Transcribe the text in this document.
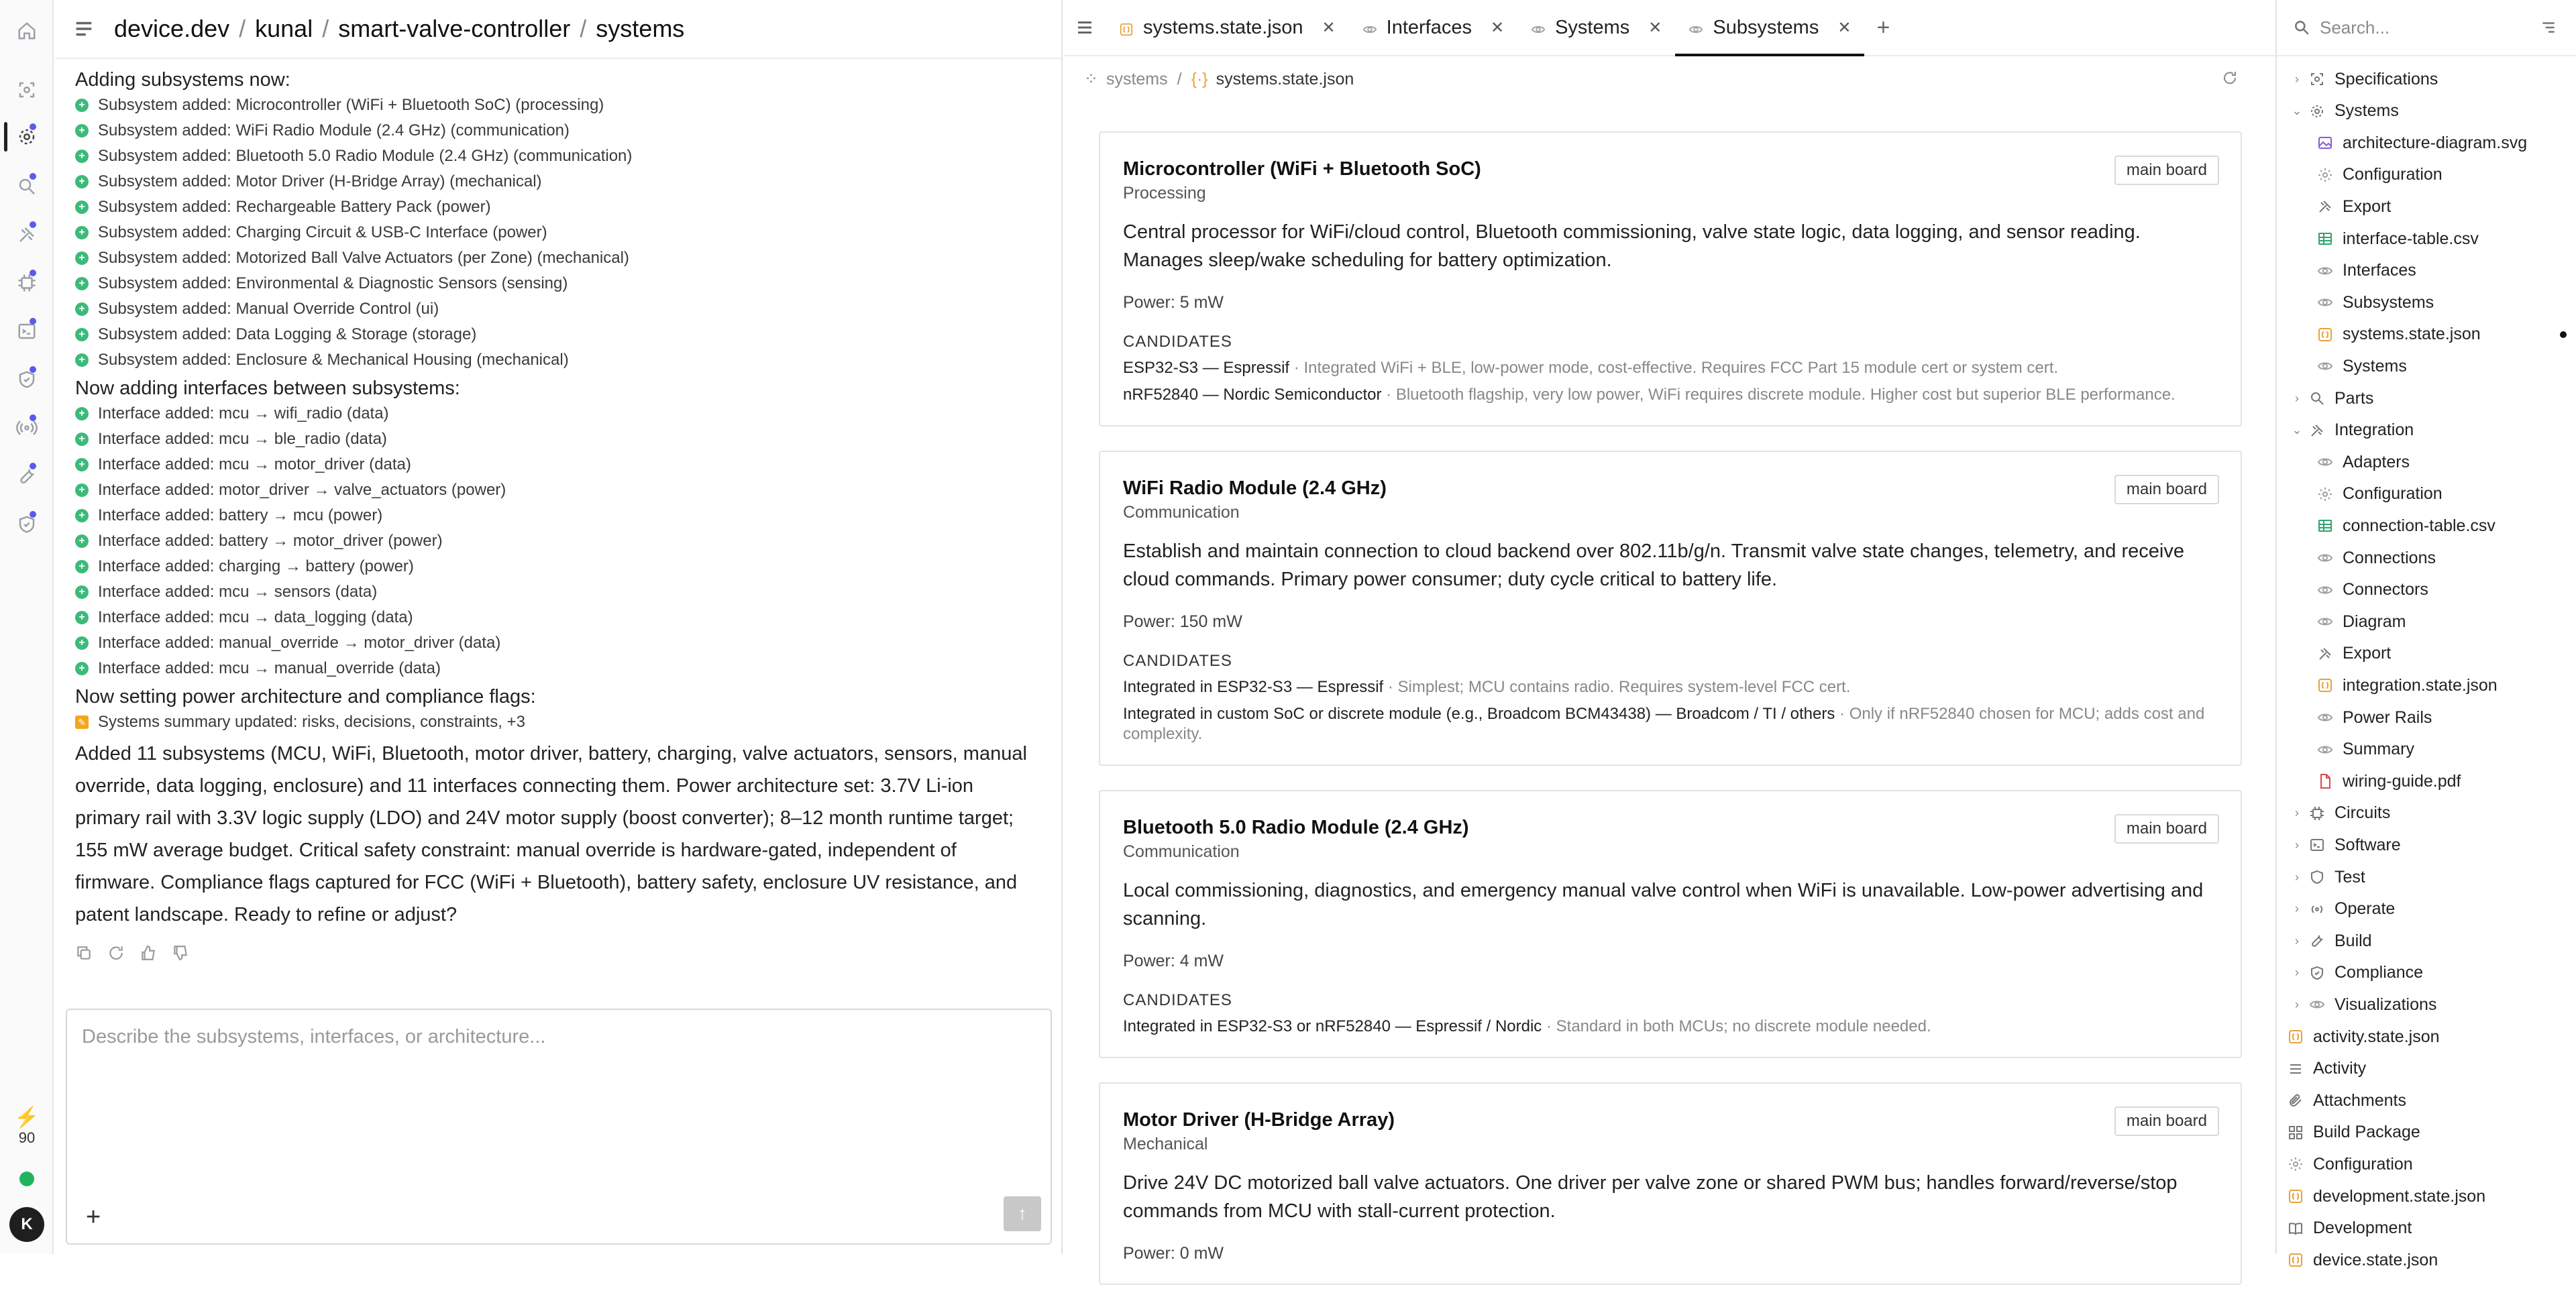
⚡
90
K
device.dev / kunal / smart-valve-controller / systems
Adding subsystems now:
+ Subsystem added: Microcontroller (WiFi + Bluetooth SoC) (processing)
+ Subsystem added: WiFi Radio Module (2.4 GHz) (communication)
+ Subsystem added: Bluetooth 5.0 Radio Module (2.4 GHz) (communication)
+ Subsystem added: Motor Driver (H-Bridge Array) (mechanical)
+ Subsystem added: Rechargeable Battery Pack (power)
+ Subsystem added: Charging Circuit & USB-C Interface (power)
+ Subsystem added: Motorized Ball Valve Actuators (per Zone) (mechanical)
+ Subsystem added: Environmental & Diagnostic Sensors (sensing)
+ Subsystem added: Manual Override Control (ui)
+ Subsystem added: Data Logging & Storage (storage)
+ Subsystem added: Enclosure & Mechanical Housing (mechanical)
Now adding interfaces between subsystems:
+ Interface added: mcu → wifi_radio (data)
+ Interface added: mcu → ble_radio (data)
+ Interface added: mcu → motor_driver (data)
+ Interface added: motor_driver → valve_actuators (power)
+ Interface added: battery → mcu (power)
+ Interface added: battery → motor_driver (power)
+ Interface added: charging → battery (power)
+ Interface added: mcu → sensors (data)
+ Interface added: mcu → data_logging (data)
+ Interface added: manual_override → motor_driver (data)
+ Interface added: mcu → manual_override (data)
Now setting power architecture and compliance flags:
✎ Systems summary updated: risks, decisions, constraints, +3
Added 11 subsystems (MCU, WiFi, Bluetooth, motor driver, battery, charging, valve actuators, sensors, manual override, data logging, enclosure) and 11 interfaces connecting them. Power architecture set: 3.7V Li-ion primary rail with 3.3V logic supply (LDO) and 24V motor supply (boost converter); 8–12 month runtime target; 155 mW average budget. Critical safety constraint: manual override is hardware-gated, independent of firmware. Compliance flags captured for FCC (WiFi + Bluetooth), battery safety, enclosure UV resistance, and patent landscape. Ready to refine or adjust?
Describe the subsystems, interfaces, or architecture...
+	↑
systems.state.json ✕	Interfaces ✕	Systems ✕	Subsystems ✕	+
⁘ systems / {·} systems.state.json
Microcontroller (WiFi + Bluetooth SoC)
Processing
main board
Central processor for WiFi/cloud control, Bluetooth commissioning, valve state logic, data logging, and sensor reading. Manages sleep/wake scheduling for battery optimization.
Power: 5 mW
CANDIDATES
ESP32-S3 — Espressif · Integrated WiFi + BLE, low-power mode, cost-effective. Requires FCC Part 15 module cert or system cert.
nRF52840 — Nordic Semiconductor · Bluetooth flagship, very low power, WiFi requires discrete module. Higher cost but superior BLE performance.
WiFi Radio Module (2.4 GHz)
Communication
main board
Establish and maintain connection to cloud backend over 802.11b/g/n. Transmit valve state changes, telemetry, and receive cloud commands. Primary power consumer; duty cycle critical to battery life.
Power: 150 mW
CANDIDATES
Integrated in ESP32-S3 — Espressif · Simplest; MCU contains radio. Requires system-level FCC cert.
Integrated in custom SoC or discrete module (e.g., Broadcom BCM43438) — Broadcom / TI / others · Only if nRF52840 chosen for MCU; adds cost and complexity.
Bluetooth 5.0 Radio Module (2.4 GHz)
Communication
main board
Local commissioning, diagnostics, and emergency manual valve control when WiFi is unavailable. Low-power advertising and scanning.
Power: 4 mW
CANDIDATES
Integrated in ESP32-S3 or nRF52840 — Espressif / Nordic · Standard in both MCUs; no discrete module needed.
Motor Driver (H-Bridge Array)
Mechanical
main board
Drive 24V DC motorized ball valve actuators. One driver per valve zone or shared PWM bus; handles forward/reverse/stop commands from MCU with stall-current protection.
Power: 0 mW
Search...
› Specifications
⌄ Systems
architecture-diagram.svg
Configuration
Export
interface-table.csv
Interfaces
Subsystems
systems.state.json
Systems
› Parts
⌄ Integration
Adapters
Configuration
connection-table.csv
Connections
Connectors
Diagram
Export
integration.state.json
Power Rails
Summary
wiring-guide.pdf
› Circuits
› Software
› Test
› Operate
› Build
› Compliance
› Visualizations
activity.state.json
Activity
Attachments
Build Package
Configuration
development.state.json
Development
device.state.json
